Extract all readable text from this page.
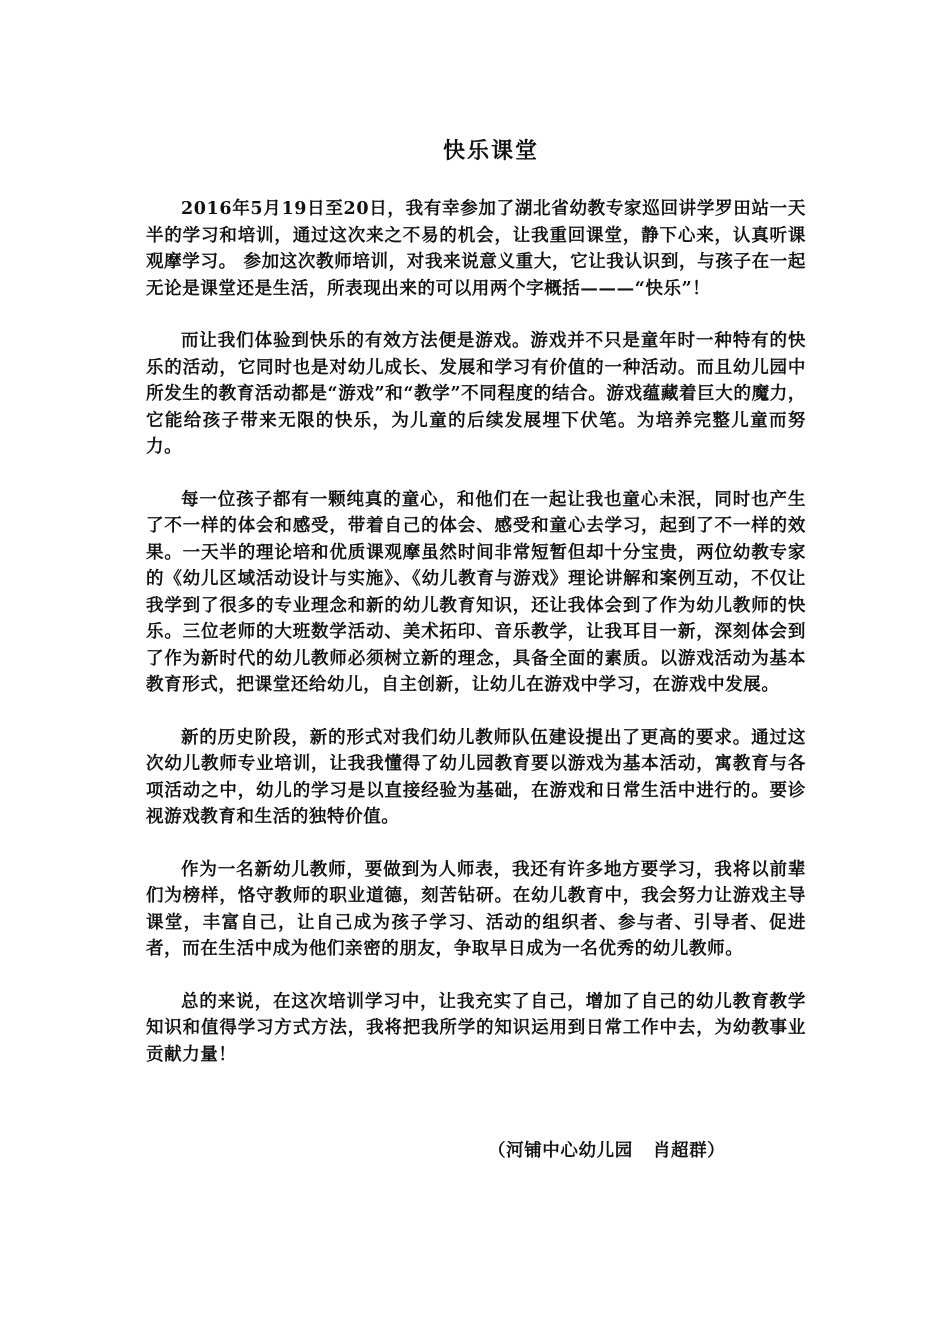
快乐课堂

2016年5月19日至20日，我有幸参加了湖北省幼教专家巡回讲学罗田站一天半的学习和培训，通过这次来之不易的机会，让我重回课堂，静下心来，认真听课观摩学习。 参加这次教师培训，对我来说意义重大，它让我认识到，与孩子在一起无论是课堂还是生活，所表现出来的可以用两个字概括———“快乐”！

而让我们体验到快乐的有效方法便是游戏。游戏并不只是童年时一种特有的快乐的活动，它同时也是对幼儿成长、发展和学习有价值的一种活动。而且幼儿园中所发生的教育活动都是“游戏”和“教学”不同程度的结合。游戏蕴藏着巨大的魔力，它能给孩子带来无限的快乐，为儿童的后续发展埋下伏笔。为培养完整儿童而努力。

每一位孩子都有一颗纯真的童心，和他们在一起让我也童心未泯，同时也产生了不一样的体会和感受，带着自己的体会、感受和童心去学习，起到了不一样的效果。一天半的理论培和优质课观摩虽然时间非常短暂但却十分宝贵，两位幼教专家的《幼儿区域活动设计与实施》、《幼儿教育与游戏》理论讲解和案例互动，不仅让我学到了很多的专业理念和新的幼儿教育知识，还让我体会到了作为幼儿教师的快乐。三位老师的大班数学活动、美术拓印、音乐教学，让我耳目一新，深刻体会到了作为新时代的幼儿教师必须树立新的理念，具备全面的素质。以游戏活动为基本教育形式，把课堂还给幼儿，自主创新，让幼儿在游戏中学习，在游戏中发展。

新的历史阶段，新的形式对我们幼儿教师队伍建设提出了更高的要求。通过这次幼儿教师专业培训，让我我懂得了幼儿园教育要以游戏为基本活动，寓教育与各项活动之中，幼儿的学习是以直接经验为基础，在游戏和日常生活中进行的。要诊视游戏教育和生活的独特价值。

作为一名新幼儿教师，要做到为人师表，我还有许多地方要学习，我将以前辈们为榜样，恪守教师的职业道德，刻苦钻研。在幼儿教育中，我会努力让游戏主导课堂，丰富自己，让自己成为孩子学习、活动的组织者、参与者、引导者、促进者，而在生活中成为他们亲密的朋友，争取早日成为一名优秀的幼儿教师。

总的来说，在这次培训学习中，让我充实了自己，增加了自己的幼儿教育教学知识和值得学习方式方法，我将把我所学的知识运用到日常工作中去，为幼教事业贡献力量！

（河铺中心幼儿园   肖超群）
